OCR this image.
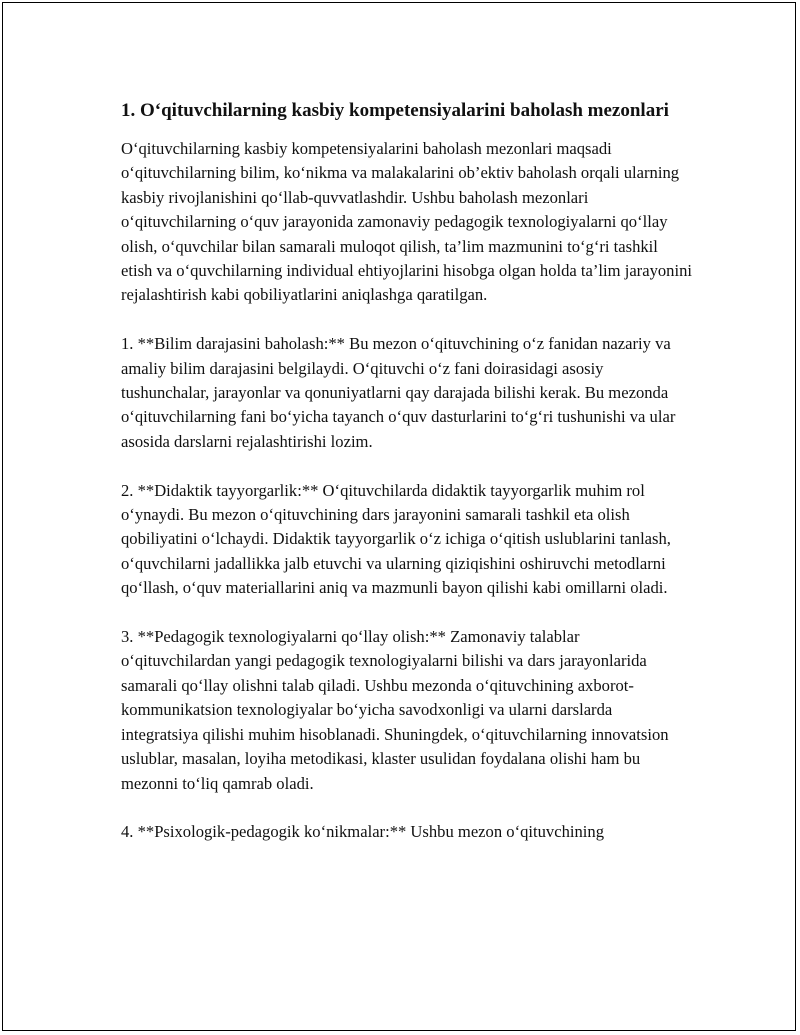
1. O‘qituvchilarning kasbiy kompetensiyalarini baholash mezonlari

O‘qituvchilarning kasbiy kompetensiyalarini baholash mezonlari maqsadi o‘qituvchilarning bilim, ko‘nikma va malakalarini ob’ektiv baholash orqali ularning kasbiy rivojlanishini qo‘llab-quvvatlashdir. Ushbu baholash mezonlari o‘qituvchilarning o‘quv jarayonida zamonaviy pedagogik texnologiyalarni qo‘llay olish, o‘quvchilar bilan samarali muloqot qilish, ta’lim mazmunini to‘g‘ri tashkil etish va o‘quvchilarning individual ehtiyojlarini hisobga olgan holda ta’lim jarayonini rejalashtirish kabi qobiliyatlarini aniqlashga qaratilgan.

1. **Bilim darajasini baholash:** Bu mezon o‘qituvchining o‘z fanidan nazariy va amaliy bilim darajasini belgilaydi. O‘qituvchi o‘z fani doirasidagi asosiy tushunchalar, jarayonlar va qonuniyatlarni qay darajada bilishi kerak. Bu mezonda o‘qituvchilarning fani bo‘yicha tayanch o‘quv dasturlarini to‘g‘ri tushunishi va ular asosida darslarni rejalashtirishi lozim.

2. **Didaktik tayyorgarlik:** O‘qituvchilarda didaktik tayyorgarlik muhim rol o‘ynaydi. Bu mezon o‘qituvchining dars jarayonini samarali tashkil eta olish qobiliyatini o‘lchaydi. Didaktik tayyorgarlik o‘z ichiga o‘qitish uslublarini tanlash, o‘quvchilarni jadallikka jalb etuvchi va ularning qiziqishini oshiruvchi metodlarni qo‘llash, o‘quv materiallarini aniq va mazmunli bayon qilishi kabi omillarni oladi.

3. **Pedagogik texnologiyalarni qo‘llay olish:** Zamonaviy talablar o‘qituvchilardan yangi pedagogik texnologiyalarni bilishi va dars jarayonlarida samarali qo‘llay olishni talab qiladi. Ushbu mezonda o‘qituvchining axborot-kommunikatsion texnologiyalar bo‘yicha savodxonligi va ularni darslarda integratsiya qilishi muhim hisoblanadi. Shuningdek, o‘qituvchilarning innovatsion uslublar, masalan, loyiha metodikasi, klaster usulidan foydalana olishi ham bu mezonni to‘liq qamrab oladi.

4. **Psixologik-pedagogik ko‘nikmalar:** Ushbu mezon o‘qituvchining
